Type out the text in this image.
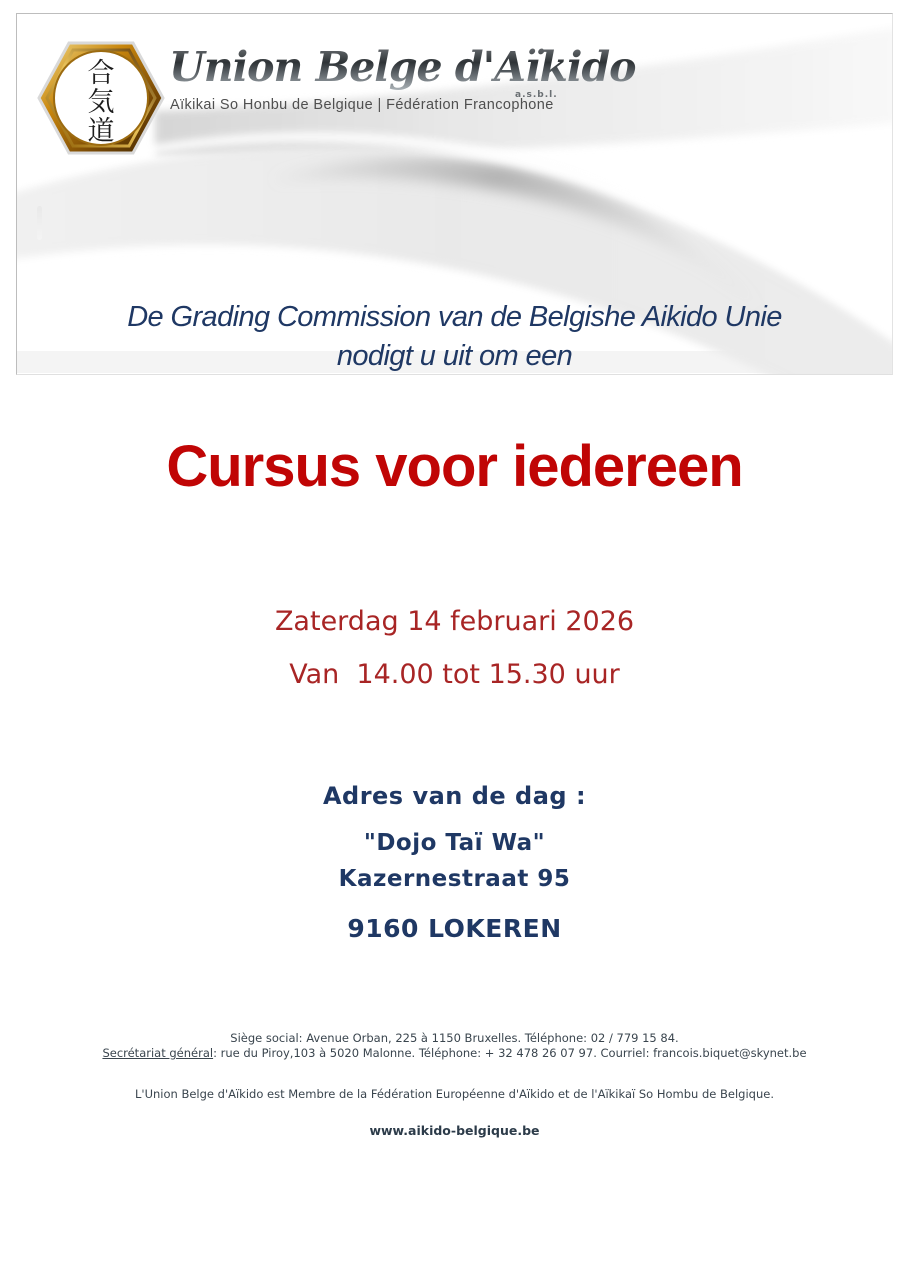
合
気
道
Union Belge d'Aïkido
a.s.b.l.
Aïkikai So Honbu de Belgique | Fédération Francophone
De Grading Commission van de Belgishe Aikido Unie
nodigt u uit om een
Cursus voor iedereen
Zaterdag 14 februari 2026
Van  14.00 tot 15.30 uur
Adres van de dag :
"Dojo Taï Wa"
Kazernestraat 95
9160 LOKEREN
Siège social: Avenue Orban, 225 à 1150 Bruxelles. Téléphone: 02 / 779 15 84.
Secrétariat général: rue du Piroy,103 à 5020 Malonne. Téléphone: + 32 478 26 07 97. Courriel: francois.biquet@skynet.be
L'Union Belge d'Aïkido est Membre de la Fédération Européenne d'Aïkido et de l'Aïkikaï So Hombu de Belgique.
www.aikido-belgique.be
